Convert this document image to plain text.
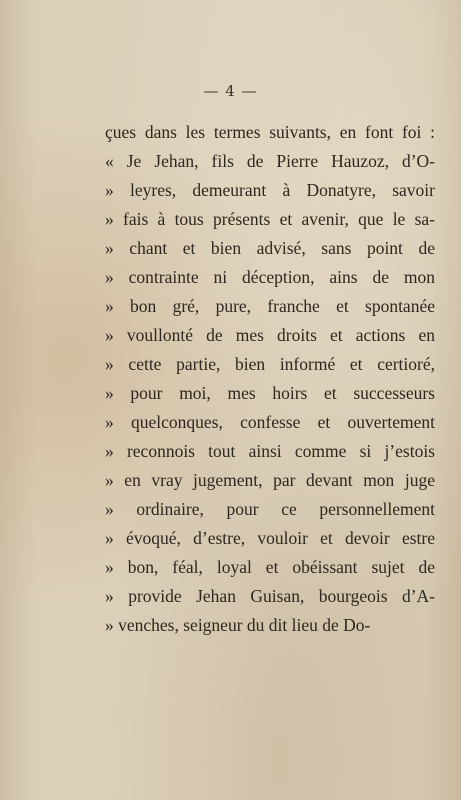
— 4 —
ç​ues dans les termes suivants, en font foi :
« Je Jehan, fils de Pierre Hauzoz, d’O-
» leyres, demeurant à Donatyre, savoir
» fais à tous présents et avenir, que le sa-
» chant et bien advisé, sans point de
» contrainte ni déception, ains de mon
» bon gré, pure, franche et spontanée
» voullonté de mes droits et actions en
» cette partie, bien informé et certioré,
» pour moi, mes hoirs et successeurs
» quelconques, confesse et ouvertement
» reconnois tout ainsi comme si j’estois
» en vray jugement, par devant mon juge
» ordinaire, pour ce personnellement
» évoqué, d’estre, vouloir et devoir estre
» bon, féal, loyal et obéissant sujet de
» provide Jehan Guisan, bourgeois d’A-
» venches, seigneur du dit lieu de Do-
